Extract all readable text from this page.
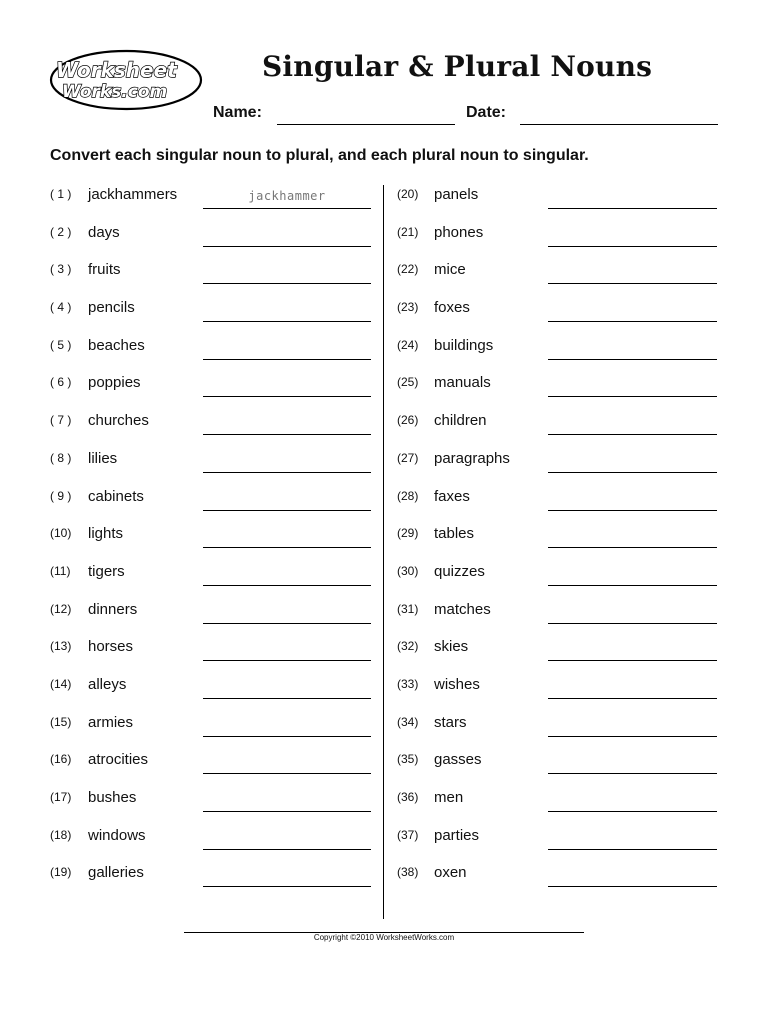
Worksheet
Works.com
Singular & Plural Nouns
Name:	Date:

Convert each singular noun to plural, and each plural noun to singular.

( 1 ) jackhammers	jackhammer
( 2 ) days
( 3 ) fruits
( 4 ) pencils
( 5 ) beaches
( 6 ) poppies
( 7 ) churches
( 8 ) lilies
( 9 ) cabinets
(10) lights
(11) tigers
(12) dinners
(13) horses
(14) alleys
(15) armies
(16) atrocities
(17) bushes
(18) windows
(19) galleries
(20) panels
(21) phones
(22) mice
(23) foxes
(24) buildings
(25) manuals
(26) children
(27) paragraphs
(28) faxes
(29) tables
(30) quizzes
(31) matches
(32) skies
(33) wishes
(34) stars
(35) gasses
(36) men
(37) parties
(38) oxen
Copyright ©2010 WorksheetWorks.com
